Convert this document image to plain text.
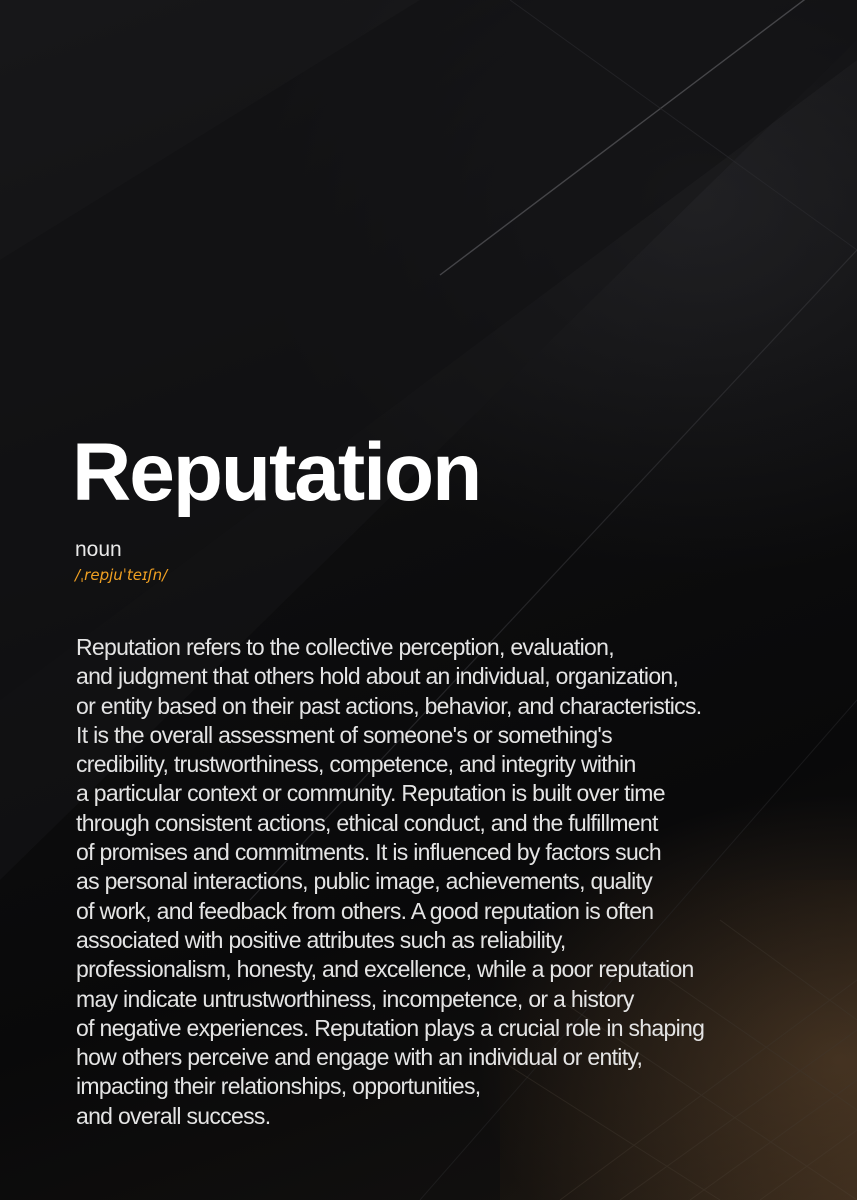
Reputation
noun
/ˌrepjuˈteɪʃn/
Reputation refers to the collective perception, evaluation,
and judgment that others hold about an individual, organization,
or entity based on their past actions, behavior, and characteristics.
It is the overall assessment of someone's or something's
credibility, trustworthiness, competence, and integrity within
a particular context or community. Reputation is built over time
through consistent actions, ethical conduct, and the fulfillment
of promises and commitments. It is influenced by factors such
as personal interactions, public image, achievements, quality
of work, and feedback from others. A good reputation is often
associated with positive attributes such as reliability,
professionalism, honesty, and excellence, while a poor reputation
may indicate untrustworthiness, incompetence, or a history
of negative experiences. Reputation plays a crucial role in shaping
how others perceive and engage with an individual or entity,
impacting their relationships, opportunities,
and overall success.
